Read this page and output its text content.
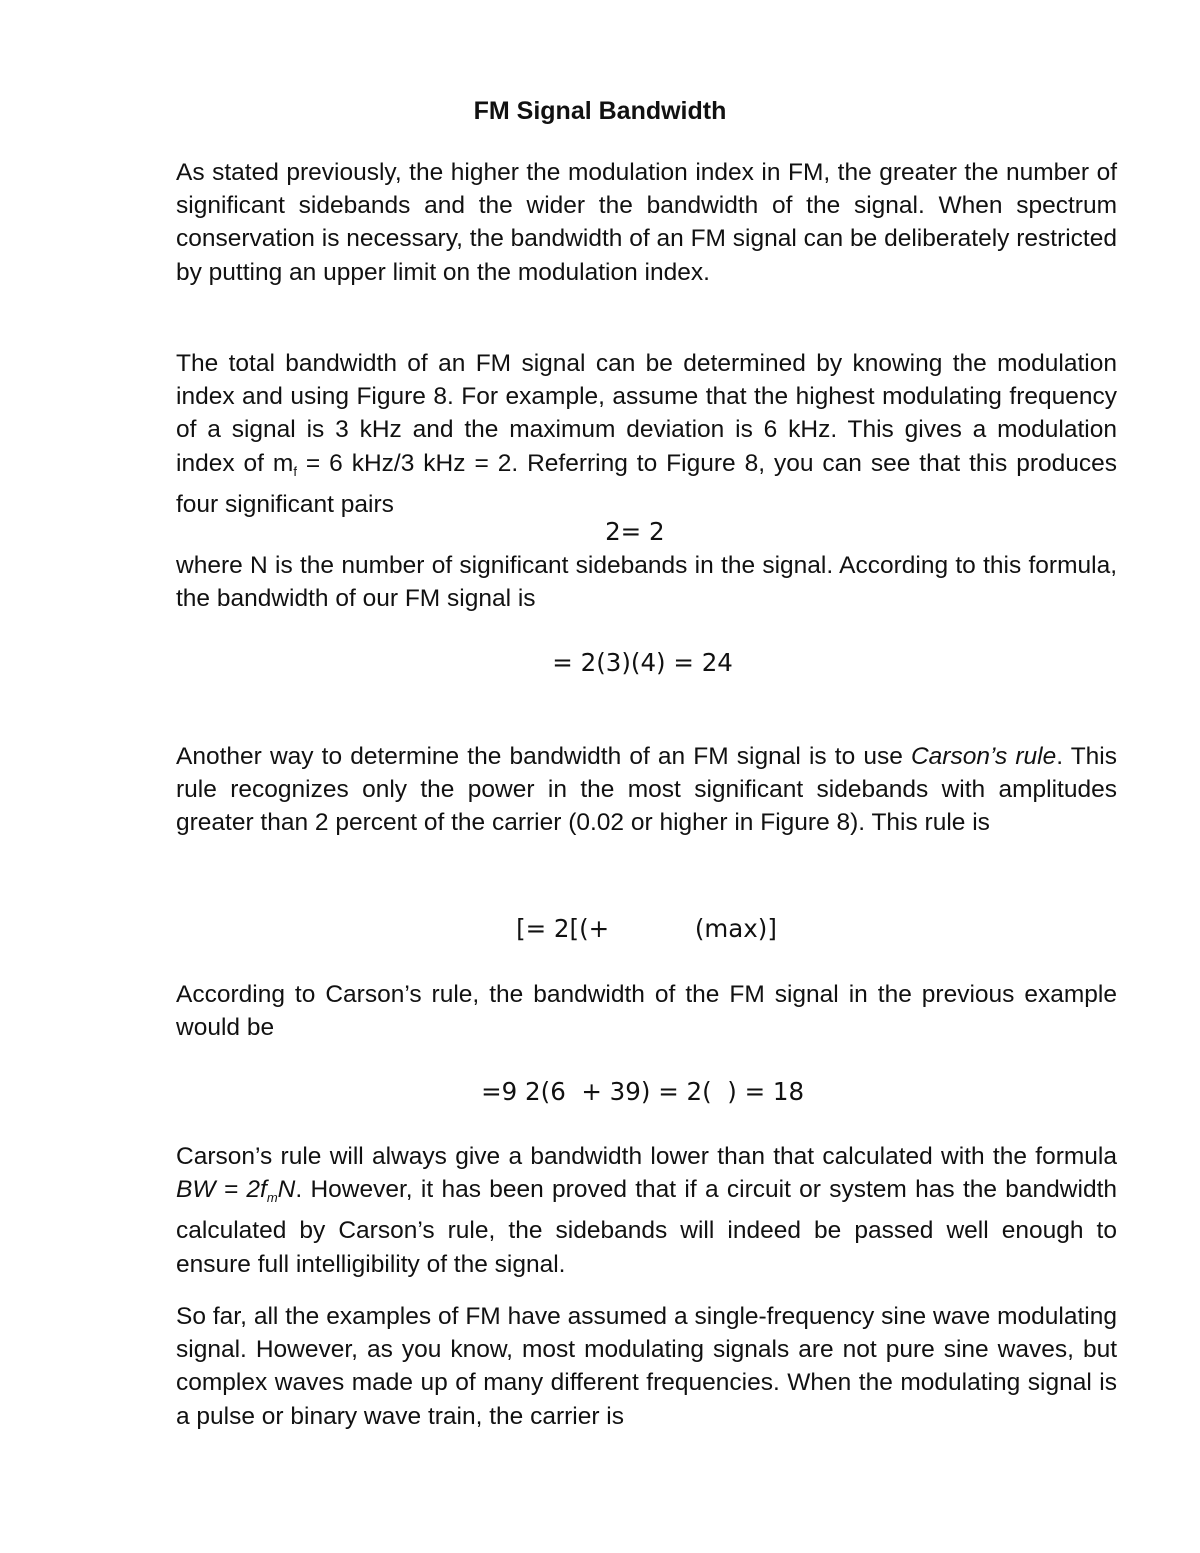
FM Signal Bandwidth

As stated previously, the higher the modulation index in FM, the greater the number of significant sidebands and the wider the bandwidth of the signal. When spectrum conservation is necessary, the bandwidth of an FM signal can be deliberately restricted by putting an upper limit on the modulation index.

The total bandwidth of an FM signal can be determined by knowing the modulation index and using Figure 8. For example, assume that the highest modulating frequency of a signal is 3 kHz and the maximum deviation is 6 kHz. This gives a modulation index of $m_f = 6$ kHz/3 kHz = 2. Referring to Figure 8, you can see that this produces four significant pairs

2= 2

where N is the number of significant sidebands in the signal. According to this formula, the bandwidth of our FM signal is

= 2(3)(4) = 24

Another way to determine the bandwidth of an FM signal is to use Carson’s rule. This rule recognizes only the power in the most significant sidebands with amplitudes greater than 2 percent of the carrier (0.02 or higher in Figure 8). This rule is

[= 2[(+	(max)]

According to Carson’s rule, the bandwidth of the FM signal in the previous example would be

=9 2(6  + 39) = 2(  ) = 18

Carson’s rule will always give a bandwidth lower than that calculated with the formula BW = $2f_mN$. However, it has been proved that if a circuit or system has the bandwidth calculated by Carson’s rule, the sidebands will indeed be passed well enough to ensure full intelligibility of the signal.

So far, all the examples of FM have assumed a single-frequency sine wave modulating signal. However, as you know, most modulating signals are not pure sine waves, but complex waves made up of many different frequencies. When the modulating signal is a pulse or binary wave train, the carrier is
